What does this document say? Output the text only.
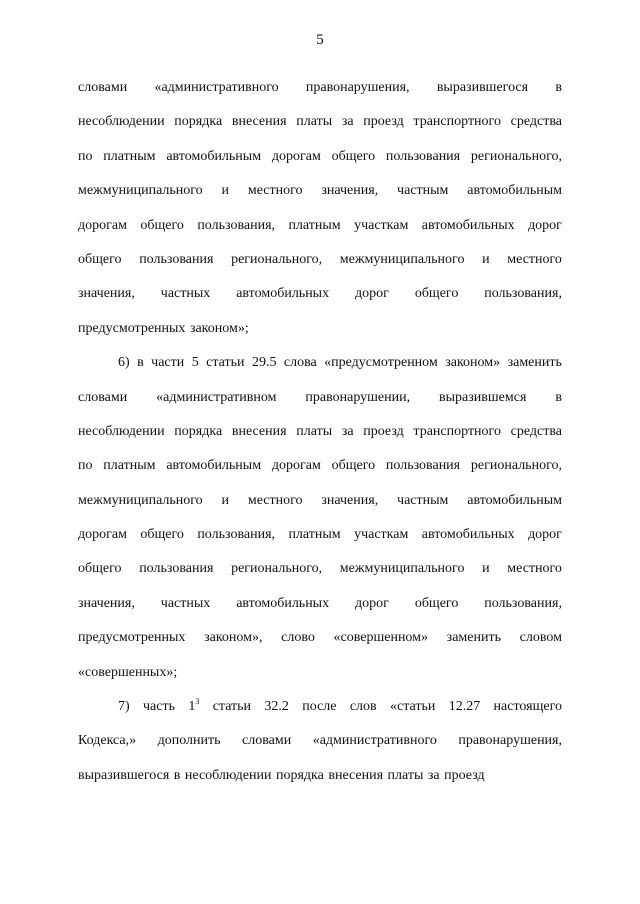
5
словами «административного правонарушения, выразившегося в
несоблюдении порядка внесения платы за проезд транспортного средства
по платным автомобильным дорогам общего пользования регионального,
межмуниципального и местного значения, частным автомобильным
дорогам общего пользования, платным участкам автомобильных дорог
общего пользования регионального, межмуниципального и местного
значения, частных автомобильных дорог общего пользования,
предусмотренных законом»;
6) в части 5 статьи 29.5 слова «предусмотренном законом» заменить
словами «административном правонарушении, выразившемся в
несоблюдении порядка внесения платы за проезд транспортного средства
по платным автомобильным дорогам общего пользования регионального,
межмуниципального и местного значения, частным автомобильным
дорогам общего пользования, платным участкам автомобильных дорог
общего пользования регионального, межмуниципального и местного
значения, частных автомобильных дорог общего пользования,
предусмотренных законом», слово «совершенном» заменить словом
«совершенных»;
7) часть $1^3$ статьи 32.2 после слов «статьи 12.27 настоящего
Кодекса,» дополнить словами «административного правонарушения,
выразившегося в несоблюдении порядка внесения платы за проезд
